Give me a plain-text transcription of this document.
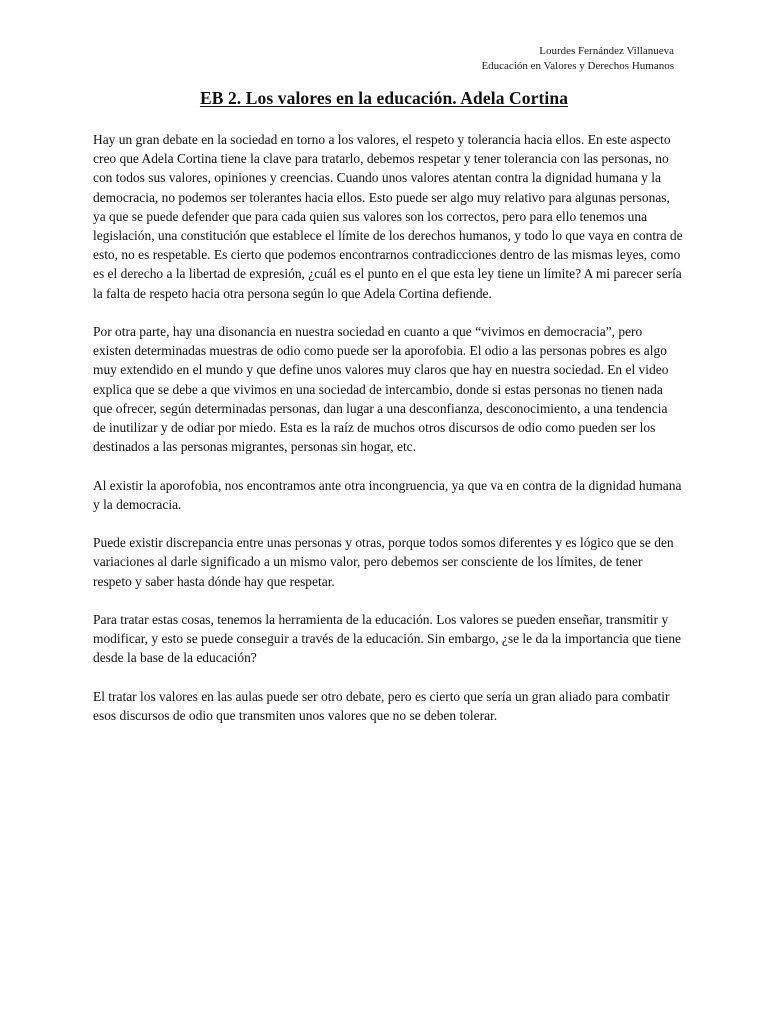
Lourdes Fernández Villanueva
Educación en Valores y Derechos Humanos
EB 2. Los valores en la educación. Adela Cortina

Hay un gran debate en la sociedad en torno a los valores, el respeto y tolerancia hacia ellos. En este aspecto creo que Adela Cortina tiene la clave para tratarlo, debemos respetar y tener tolerancia con las personas, no con todos sus valores, opiniones y creencias. Cuando unos valores atentan contra la dignidad humana y la democracia, no podemos ser tolerantes hacia ellos. Esto puede ser algo muy relativo para algunas personas, ya que se puede defender que para cada quien sus valores son los correctos, pero para ello tenemos una legislación, una constitución que establece el límite de los derechos humanos, y todo lo que vaya en contra de esto, no es respetable. Es cierto que podemos encontrarnos contradicciones dentro de las mismas leyes, como es el derecho a la libertad de expresión, ¿cuál es el punto en el que esta ley tiene un límite? A mi parecer sería la falta de respeto hacia otra persona según lo que Adela Cortina defiende.

Por otra parte, hay una disonancia en nuestra sociedad en cuanto a que “vivimos en democracia”, pero existen determinadas muestras de odio como puede ser la aporofobia. El odio a las personas pobres es algo muy extendido en el mundo y que define unos valores muy claros que hay en nuestra sociedad. En el video explica que se debe a que vivimos en una sociedad de intercambio, donde si estas personas no tienen nada que ofrecer, según determinadas personas, dan lugar a una desconfianza, desconocimiento, a una tendencia de inutilizar y de odiar por miedo. Esta es la raíz de muchos otros discursos de odio como pueden ser los destinados a las personas migrantes, personas sin hogar, etc.

Al existir la aporofobia, nos encontramos ante otra incongruencia, ya que va en contra de la dignidad humana y la democracia.

Puede existir discrepancia entre unas personas y otras, porque todos somos diferentes y es lógico que se den variaciones al darle significado a un mismo valor, pero debemos ser consciente de los límites, de tener respeto y saber hasta dónde hay que respetar.

Para tratar estas cosas, tenemos la herramienta de la educación. Los valores se pueden enseñar, transmitir y modificar, y esto se puede conseguir a través de la educación. Sin embargo, ¿se le da la importancia que tiene desde la base de la educación?

El tratar los valores en las aulas puede ser otro debate, pero es cierto que sería un gran aliado para combatir esos discursos de odio que transmiten unos valores que no se deben tolerar.
